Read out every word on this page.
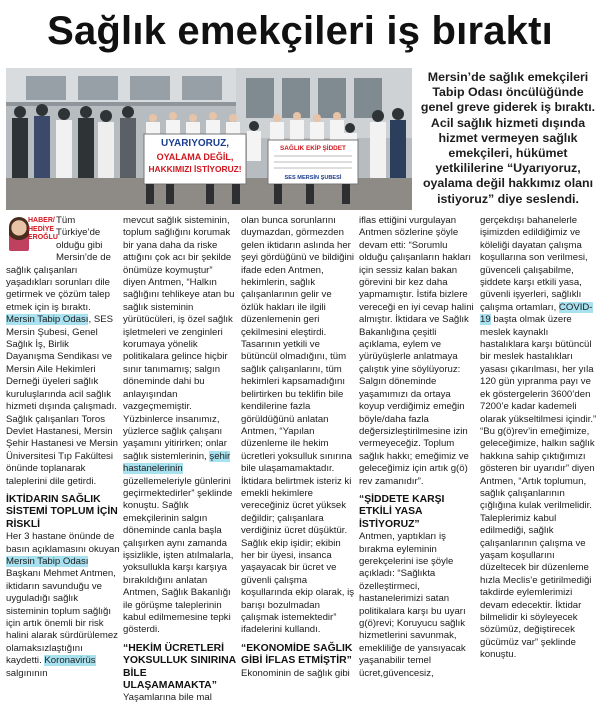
Sağlık emekçileri iş bıraktı
UYARIYORUZ,
OYALAMA DEĞİL,
HAKKIMIZI İSTİYORUZ!
SAĞLIK EKİP ŞİDDET
SES MERSİN ŞUBESİ
Mersin’de sağlık emekçileri Tabip Odası öncülüğünde genel greve giderek iş bıraktı. Acil sağlık hizmeti dışında hizmet vermeyen sağlık emekçileri, hükümet yetkililerine “Uyarıyoruz, oyalama değil hakkımız olanı istiyoruz” diye seslendi.
HABER/
HEDİYE
EROĞLU

Tüm Türkiye’de olduğu gibi Mersin’de de sağlık çalışanları yaşadıkları sorunları dile getirmek ve çözüm talep etmek için iş bıraktı.

Mersin Tabip Odası, SES Mersin Şubesi, Genel Sağlık İş, Birlik Dayanışma Sendikası ve Mersin Aile Hekimleri Derneği üyeleri sağlık kuruluşlarında acil sağlık hizmeti dışında çalışmadı. Sağlık çalışanları Toros Devlet Hastanesi, Mersin Şehir Hastanesi ve Mersin Üniversitesi Tıp Fakültesi önünde toplanarak taleplerini dile getirdi.

İKTİDARIN SAĞLIK SİSTEMİ TOPLUM İÇİN RİSKLİ

Her 3 hastane önünde de basın açıklamasını okuyan Mersin Tabip Odası Başkanı Mehmet Antmen, iktidarın savunduğu ve uyguladığı sağlık sisteminin toplum sağlığı için artık önemli bir risk halini alarak sürdürülemez olamaksızlaştığını kaydetti. Koronavirüs salgınının

mevcut sağlık sisteminin, toplum sağlığını korumak bir yana daha da riske attığını çok acı bir şekilde önümüze koymuştur” diyen Antmen, “Halkın sağlığını tehlikeye atan bu sağlık sisteminin yürütücüleri, iş özel sağlık işletmeleri ve zenginleri korumaya yönelik politikalara gelince hiçbir sınır tanımamış; salgın döneminde dahi bu anlayışından vazgeçmemiştir. Yüzbinlerce insanımız, yüzlerce sağlık çalışanı yaşamını yitirirken; onlar sağlık sistemlerinin, şehir hastanelerinin güzellemeleriyle günlerini geçirmektedirler” şeklinde konuştu. Sağlık emekçilerinin salgın döneminde canla başla çalışırken aynı zamanda işsizlikle, işten atılmalarla, yoksullukla karşı karşıya bırakıldığını anlatan Antmen, Sağlık Bakanlığı ile görüşme taleplerinin kabul edilmemesine tepki gösterdi.

“HEKİM ÜCRETLERİ YOKSULLUK SINIRINA BİLE ULAŞAMAMAKTA”

Yaşamlarına bile mal

olan bunca sorunlarını duymazdan, görmezden gelen iktidarın aslında her şeyi gördüğünü ve bildiğini ifade eden Antmen, hekimlerin, sağlık çalışanlarının gelir ve özlük hakları ile ilgili düzenlemenin geri çekilmesini eleştirdi. Tasarının yetkili ve bütüncül olmadığını, tüm sağlık çalışanlarını, tüm hekimleri kapsamadığını belirtirken bu teklifin bile kendilerine fazla görüldüğünü anlatan Antmen, “Yapılan düzenleme ile hekim ücretleri yoksulluk sınırına bile ulaşamamaktadır. İktidara belirtmek isteriz ki emekli hekimlere vereceğiniz ücret yüksek değildir; çalışanlara verdiğiniz ücret düşüktür. Sağlık ekip işidir; ekibin her bir üyesi, insanca yaşayacak bir ücret ve güvenli çalışma koşullarında ekip olarak, iş barışı bozulmadan çalışmak istemektedir” ifadelerini kullandı.

“EKONOMİDE SAĞLIK GİBİ İFLAS ETMİŞTİR”

Ekonominin de sağlık gibi

iflas ettiğini vurgulayan Antmen sözlerine şöyle devam etti: “Sorumlu olduğu çalışanların hakları için sessiz kalan bakan görevini bir kez daha yapmamıştır. İstifa bizlere vereceği en iyi cevap halini almıştır. İktidara ve Sağlık Bakanlığına çeşitli açıklama, eylem ve yürüyüşlerle anlatmaya çalıştık yine söylüyoruz: Salgın döneminde yaşamımızı da ortaya koyup verdiğimiz emeğin böyle/daha fazla değersizleştirilmesine izin vermeyeceğiz. Toplum sağlık hakkı; emeğimiz ve geleceğimiz için artık g(ö) rev zamanıdır”.

“ŞİDDETE KARŞI ETKİLİ YASA İSTİYORUZ”

Antmen, yaptıkları iş bırakma eyleminin gerekçelerini ise şöyle açıkladı: “Sağlıkta özelleştirmeci, hastanelerimizi satan politikalara karşı bu uyarı g(ö)revi; Koruyucu sağlık hizmetlerini savunmak, emekliliğe de yansıyacak yaşanabilir temel ücret,güvencesiz,

gerçekdışı bahanelerle işimizden edildiğimiz ve köleliği dayatan çalışma koşullarına son verilmesi, güvenceli çalışabilme, şiddete karşı etkili yasa, güvenli işyerleri, sağlıklı çalışma ortamları, COVID-19 başta olmak üzere meslek kaynaklı hastalıklara karşı bütüncül bir meslek hastalıkları yasası çıkarılması, her yıla 120 gün yıpranma payı ve ek göstergelerin 3600’den 7200’e kadar kademeli olarak yükseltilmesi içindir.” “Bu g(ö)rev’in emeğimize, geleceğimize, halkın sağlık hakkına sahip çıktığımızı gösteren bir uyarıdır” diyen Antmen, “Artık toplumun, sağlık çalışanlarının çığlığına kulak verilmelidir. Taleplerimiz kabul edilmediği, sağlık çalışanlarının çalışma ve yaşam koşullarını düzeltecek bir düzenleme hızla Meclis’e getirilmediği takdirde eylemlerimizi devam edecektir. İktidar bilmelidir ki söyleyecek sözümüz, değiştirecek gücümüz var” şeklinde konuştu.
